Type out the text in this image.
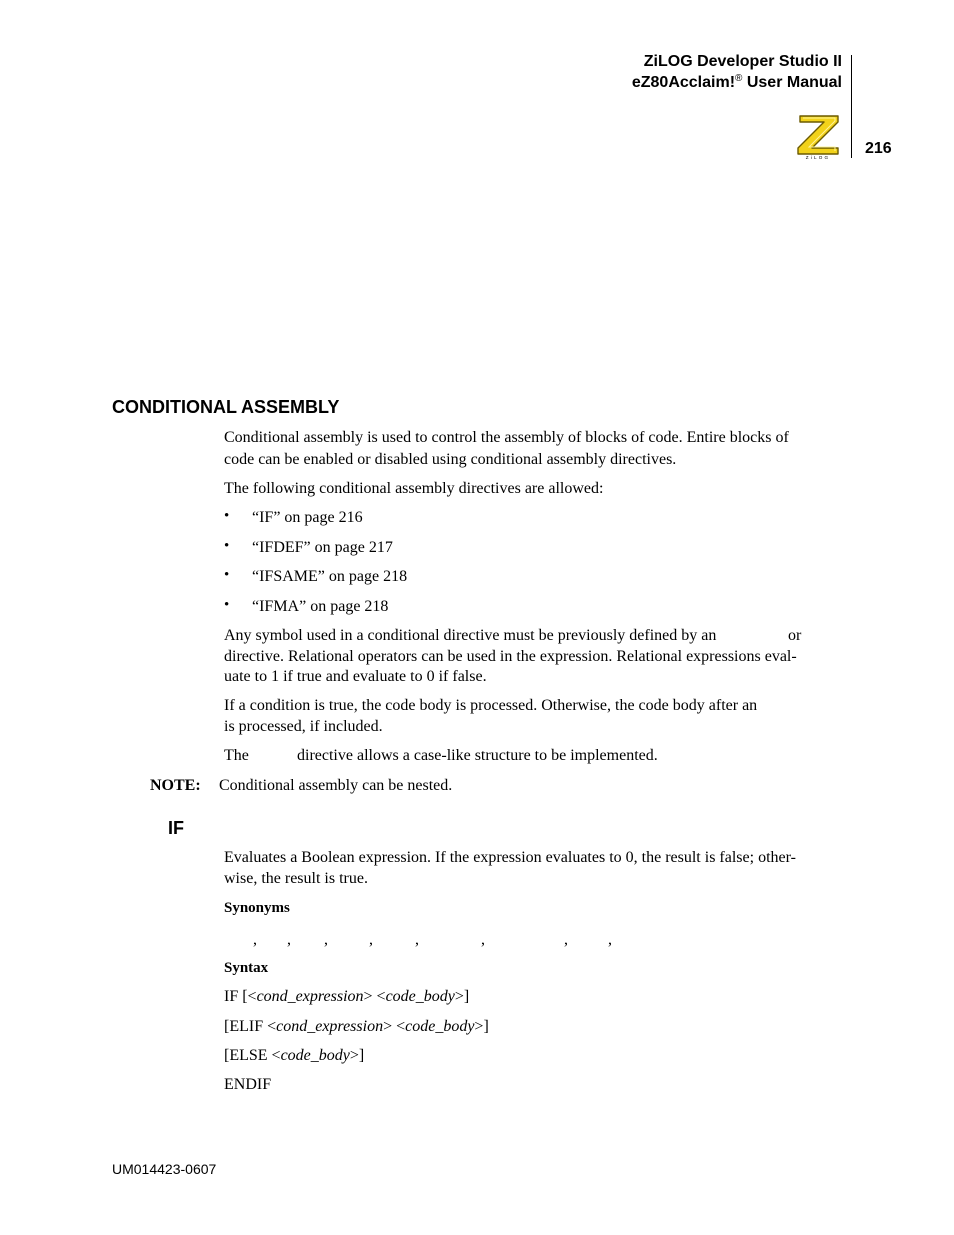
ZiLOG Developer Studio II
eZ80Acclaim!® User Manual
216
ZiLOG
CONDITIONAL ASSEMBLY
Conditional assembly is used to control the assembly of blocks of code. Entire blocks of
code can be enabled or disabled using conditional assembly directives.
The following conditional assembly directives are allowed:
• “IF” on page 216
• “IFDEF” on page 217
• “IFSAME” on page 218
• “IFMA” on page 218
Any symbol used in a conditional directive must be previously defined by an	or
directive. Relational operators can be used in the expression. Relational expressions eval-
uate to 1 if true and evaluate to 0 if false.
If a condition is true, the code body is processed. Otherwise, the code body after an
is processed, if included.
The	directive allows a case-like structure to be implemented.
NOTE: Conditional assembly can be nested.
IF
Evaluates a Boolean expression. If the expression evaluates to 0, the result is false; other-
wise, the result is true.
Synonyms
, , ,	,	,	,	,	,
Syntax
IF [<cond_expression> <code_body>]
[ELIF <cond_expression> <code_body>]
[ELSE <code_body>]
ENDIF
UM014423-0607
